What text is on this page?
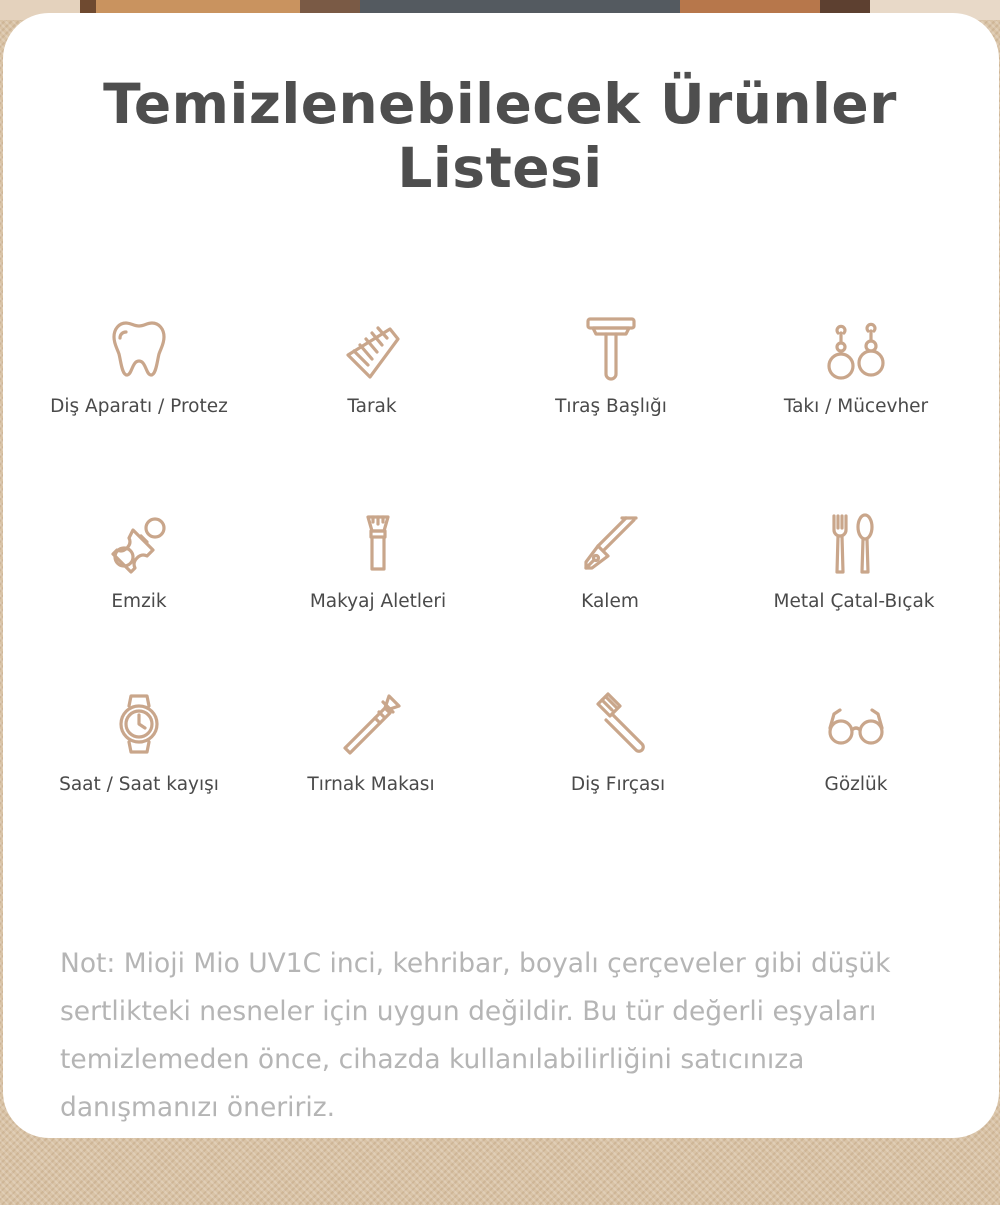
Temizlenebilecek Ürünler Listesi
Diş Aparatı / Protez	Tarak	Tıraş Başlığı	Takı / Mücevher
Emzik	Makyaj Aletleri	Kalem	Metal Çatal-Bıçak
Saat / Saat kayışı	Tırnak Makası	Diş Fırçası	Gözlük

Not: Mioji Mio UV1C inci, kehribar, boyalı çerçeveler gibi düşük sertlikteki nesneler için uygun değildir. Bu tür değerli eşyaları temizlemeden önce, cihazda kullanılabilirliğini satıcınıza danışmanızı öneririz.
